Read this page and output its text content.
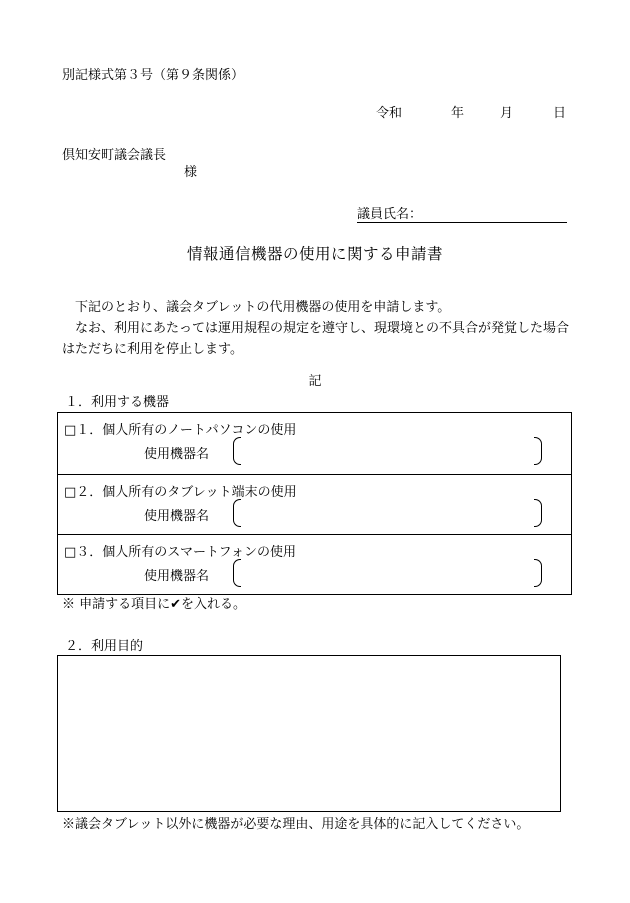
別記様式第３号（第９条関係）
令和	年	月	日
倶知安町議会議長
様
議員氏名：
情報通信機器の使用に関する申請書

下記のとおり、議会タブレットの代用機器の使用を申請します。

なお、利用にあたっては運用規程の規定を遵守し、現環境との不具合が発覚した場合はただちに利用を停止します。

記
１．利用する機器
□１．個人所有のノートパソコンの使用
使用機器名
□２．個人所有のタブレット端末の使用
使用機器名
□３．個人所有のスマートフォンの使用
使用機器名
※ 申請する項目に✔を入れる。
２．利用目的
※議会タブレット以外に機器が必要な理由、用途を具体的に記入してください。
